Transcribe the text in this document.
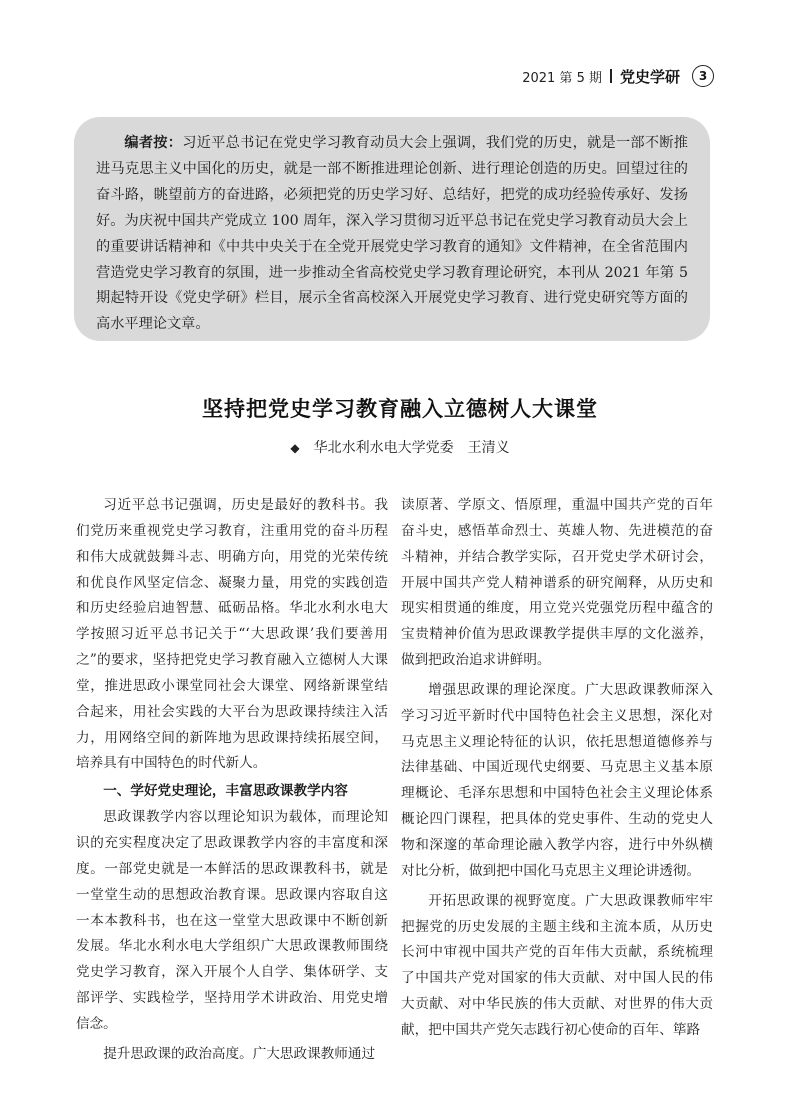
2021 第 5 期 党史学研	3

编者按：习近平总书记在党史学习教育动员大会上强调，我们党的历史，就是一部不断推进马克思主义中国化的历史，就是一部不断推进理论创新、进行理论创造的历史。回望过往的奋斗路，眺望前方的奋进路，必须把党的历史学习好、总结好，把党的成功经验传承好、发扬好。为庆祝中国共产党成立 100 周年，深入学习贯彻习近平总书记在党史学习教育动员大会上的重要讲话精神和《中共中央关于在全党开展党史学习教育的通知》文件精神，在全省范围内营造党史学习教育的氛围，进一步推动全省高校党史学习教育理论研究，本刊从 2021 年第 5 期起特开设《党史学研》栏目，展示全省高校深入开展党史学习教育、进行党史研究等方面的高水平理论文章。

坚持把党史学习教育融入立德树人大课堂
◆ 华北水利水电大学党委 王清义

习近平总书记强调，历史是最好的教科书。我们党历来重视党史学习教育，注重用党的奋斗历程和伟大成就鼓舞斗志、明确方向，用党的光荣传统和优良作风坚定信念、凝聚力量，用党的实践创造和历史经验启迪智慧、砥砺品格。华北水利水电大学按照习近平总书记关于“‘大思政课’我们要善用之”的要求，坚持把党史学习教育融入立德树人大课堂，推进思政小课堂同社会大课堂、网络新课堂结合起来，用社会实践的大平台为思政课持续注入活力，用网络空间的新阵地为思政课持续拓展空间，培养具有中国特色的时代新人。

一、学好党史理论，丰富思政课教学内容

思政课教学内容以理论知识为载体，而理论知识的充实程度决定了思政课教学内容的丰富度和深度。一部党史就是一本鲜活的思政课教科书，就是一堂堂生动的思想政治教育课。思政课内容取自这一本本教科书，也在这一堂堂大思政课中不断创新发展。华北水利水电大学组织广大思政课教师围绕党史学习教育，深入开展个人自学、集体研学、支部评学、实践检学，坚持用学术讲政治、用党史增信念。

提升思政课的政治高度。广大思政课教师通过

读原著、学原文、悟原理，重温中国共产党的百年奋斗史，感悟革命烈士、英雄人物、先进模范的奋斗精神，并结合教学实际，召开党史学术研讨会，开展中国共产党人精神谱系的研究阐释，从历史和现实相贯通的维度，用立党兴党强党历程中蕴含的宝贵精神价值为思政课教学提供丰厚的文化滋养，做到把政治追求讲鲜明。

增强思政课的理论深度。广大思政课教师深入学习习近平新时代中国特色社会主义思想，深化对马克思主义理论特征的认识，依托思想道德修养与法律基础、中国近现代史纲要、马克思主义基本原理概论、毛泽东思想和中国特色社会主义理论体系概论四门课程，把具体的党史事件、生动的党史人物和深邃的革命理论融入教学内容，进行中外纵横对比分析，做到把中国化马克思主义理论讲透彻。

开拓思政课的视野宽度。广大思政课教师牢牢把握党的历史发展的主题主线和主流本质，从历史长河中审视中国共产党的百年伟大贡献，系统梳理了中国共产党对国家的伟大贡献、对中国人民的伟大贡献、对中华民族的伟大贡献、对世界的伟大贡献，把中国共产党矢志践行初心使命的百年、筚路
